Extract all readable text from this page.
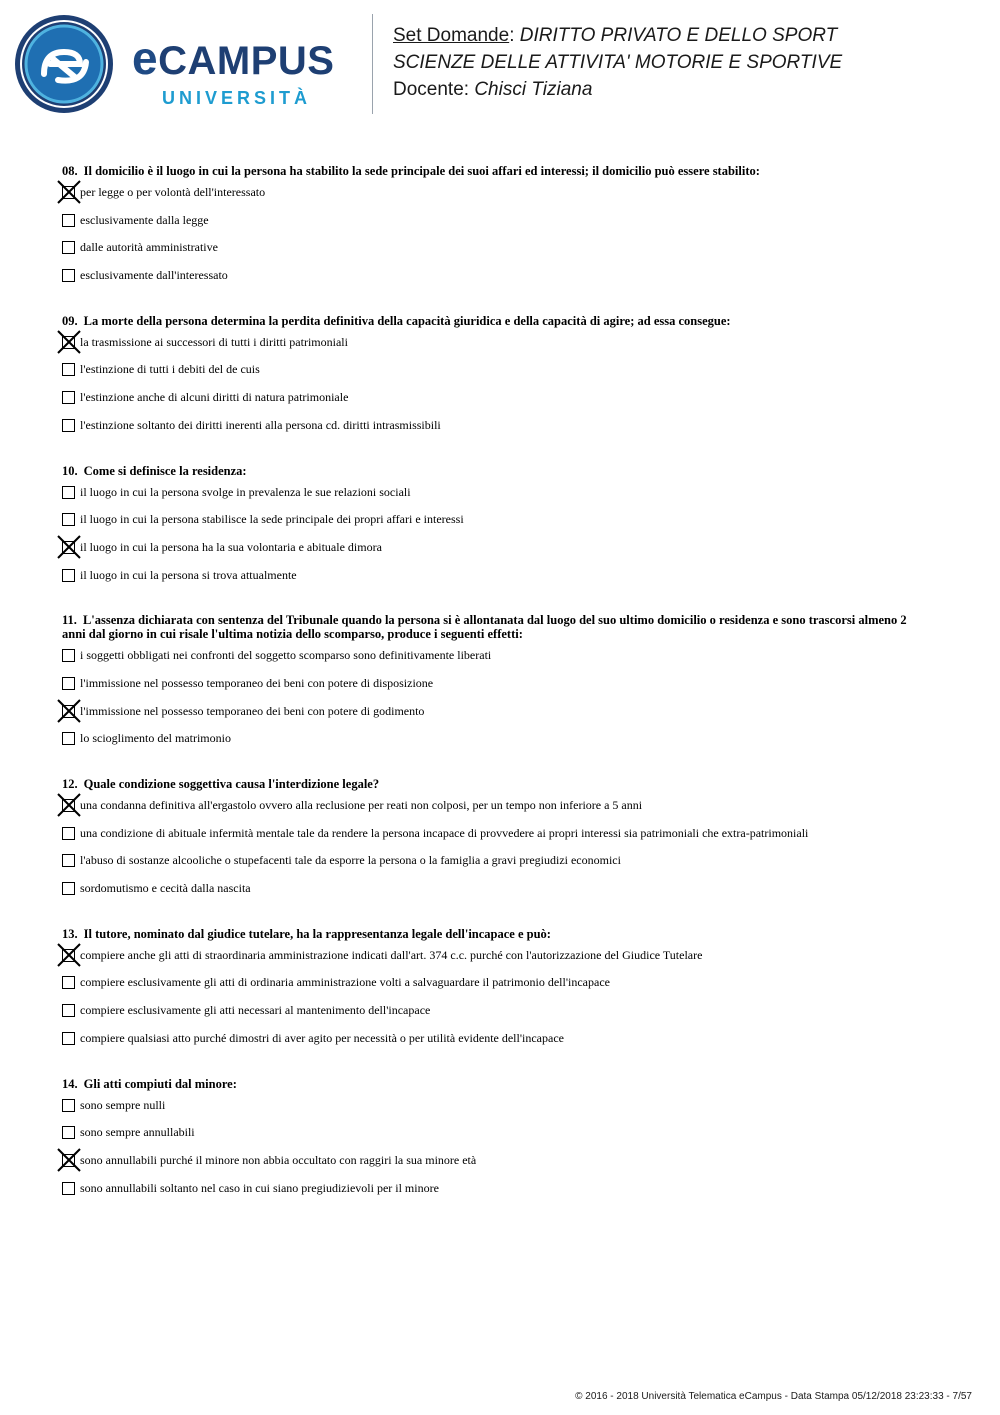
eCAMPUS
UNIVERSITÀ
Set Domande: DIRITTO PRIVATO E DELLO SPORT
SCIENZE DELLE ATTIVITA' MOTORIE E SPORTIVE
Docente: Chisci Tiziana
08. Il domicilio è il luogo in cui la persona ha stabilito la sede principale dei suoi affari ed interessi; il domicilio può essere stabilito:
per legge o per volontà dell'interessato
esclusivamente dalla legge
dalle autorità amministrative
esclusivamente dall'interessato
09. La morte della persona determina la perdita definitiva della capacità giuridica e della capacità di agire; ad essa consegue:
la trasmissione ai successori di tutti i diritti patrimoniali
l'estinzione di tutti i debiti del de cuis
l'estinzione anche di alcuni diritti di natura patrimoniale
l'estinzione soltanto dei diritti inerenti alla persona cd. diritti intrasmissibili
10. Come si definisce la residenza:
il luogo in cui la persona svolge in prevalenza le sue relazioni sociali
il luogo in cui la persona stabilisce la sede principale dei propri affari e interessi
il luogo in cui la persona ha la sua volontaria e abituale dimora
il luogo in cui la persona si trova attualmente
11. L'assenza dichiarata con sentenza del Tribunale quando la persona si è allontanata dal luogo del suo ultimo domicilio o residenza e sono trascorsi almeno 2 anni dal giorno in cui risale l'ultima notizia dello scomparso, produce i seguenti effetti:
i soggetti obbligati nei confronti del soggetto scomparso sono definitivamente liberati
l'immissione nel possesso temporaneo dei beni con potere di disposizione
l'immissione nel possesso temporaneo dei beni con potere di godimento
lo scioglimento del matrimonio
12. Quale condizione soggettiva causa l'interdizione legale?
una condanna definitiva all'ergastolo ovvero alla reclusione per reati non colposi, per un tempo non inferiore a 5 anni
una condizione di abituale infermità mentale tale da rendere la persona incapace di provvedere ai propri interessi sia patrimoniali che extra-patrimoniali
l'abuso di sostanze alcooliche o stupefacenti tale da esporre la persona o la famiglia a gravi pregiudizi economici
sordomutismo e cecità dalla nascita
13. Il tutore, nominato dal giudice tutelare, ha la rappresentanza legale dell'incapace e può:
compiere anche gli atti di straordinaria amministrazione indicati dall'art. 374 c.c. purché con l'autorizzazione del Giudice Tutelare
compiere esclusivamente gli atti di ordinaria amministrazione volti a salvaguardare il patrimonio dell'incapace
compiere esclusivamente gli atti necessari al mantenimento dell'incapace
compiere qualsiasi atto purché dimostri di aver agito per necessità o per utilità evidente dell'incapace
14. Gli atti compiuti dal minore:
sono sempre nulli
sono sempre annullabili
sono annullabili purché il minore non abbia occultato con raggiri la sua minore età
sono annullabili soltanto nel caso in cui siano pregiudizievoli per il minore
© 2016 - 2018 Università Telematica eCampus - Data Stampa 05/12/2018 23:23:33 - 7/57
